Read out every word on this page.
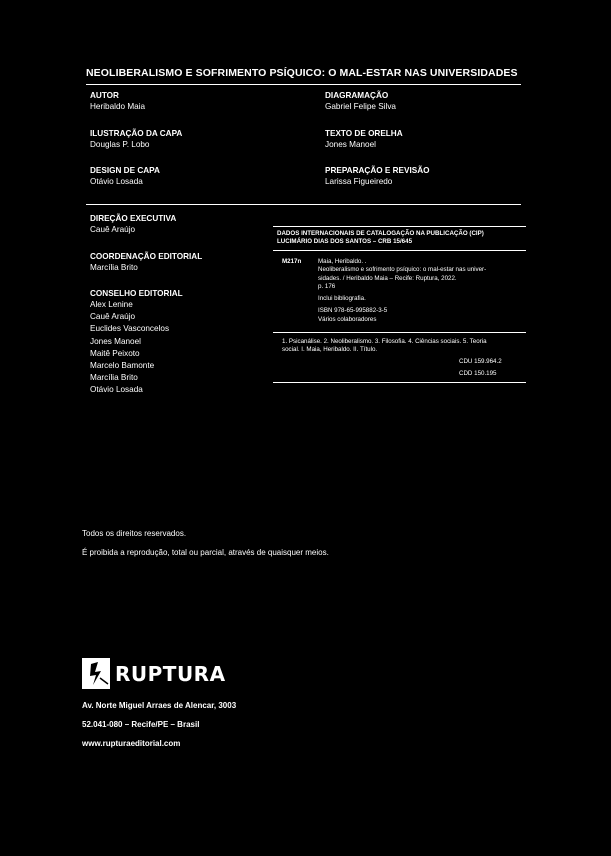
NEOLIBERALISMO E SOFRIMENTO PSÍQUICO: O MAL-ESTAR NAS UNIVERSIDADES
AUTOR
Heribaldo Maia
DIAGRAMAÇÃO
Gabriel Felipe Silva
ILUSTRAÇÃO DA CAPA
Douglas P. Lobo
TEXTO DE ORELHA
Jones Manoel
DESIGN DE CAPA
Otávio Losada
PREPARAÇÃO E REVISÃO
Larissa Figueiredo
DIREÇÃO EXECUTIVA
Cauê Araújo
COORDENAÇÃO EDITORIAL
Marcília Brito
CONSELHO EDITORIAL
Alex Lenine
Cauê Araújo
Euclides Vasconcelos
Jones Manoel
Maitê Peixoto
Marcelo Bamonte
Marcília Brito
Otávio Losada
DADOS INTERNACIONAIS DE CATALOGAÇÃO NA PUBLICAÇÃO (CIP)
LUCIMÁRIO DIAS DOS SANTOS – CRB 15/645
M217n	Maia, Heribaldo. .
Neoliberalismo e sofrimento psíquico: o mal-estar nas univer-
sidades. / Heribaldo Maia – Recife: Ruptura, 2022.
p. 176
Inclui bibliografia.
ISBN 978-65-995882-3-5
Vários colaboradores
1. Psicanálise. 2. Neoliberalismo. 3. Filosofia. 4. Ciências sociais. 5. Teoria
social. I. Maia, Heribaldo. II. Título.
CDU 159.964.2
CDD 150.195
Todos os direitos reservados.
É proibida a reprodução, total ou parcial, através de quaisquer meios.
RUPTURA
Av. Norte Miguel Arraes de Alencar, 3003
52.041-080 – Recife/PE – Brasil
www.rupturaeditorial.com
